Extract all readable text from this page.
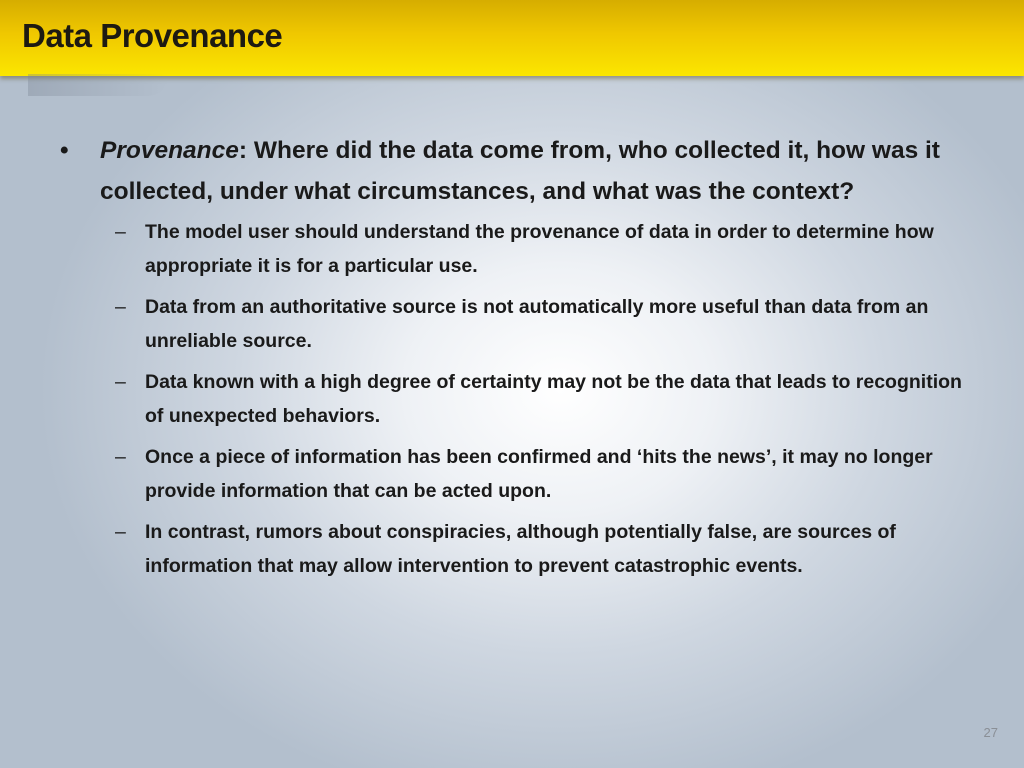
Data Provenance
• Provenance: Where did the data come from, who collected it, how was it collected, under what circumstances, and what was the context?
– The model user should understand the provenance of data in order to determine how appropriate it is for a particular use.
– Data from an authoritative source is not automatically more useful than data from an unreliable source.
– Data known with a high degree of certainty may not be the data that leads to recognition of unexpected behaviors.
– Once a piece of information has been confirmed and ‘hits the news’, it may no longer provide information that can be acted upon.
– In contrast, rumors about conspiracies, although potentially false, are sources of information that may allow intervention to prevent catastrophic events.
27
